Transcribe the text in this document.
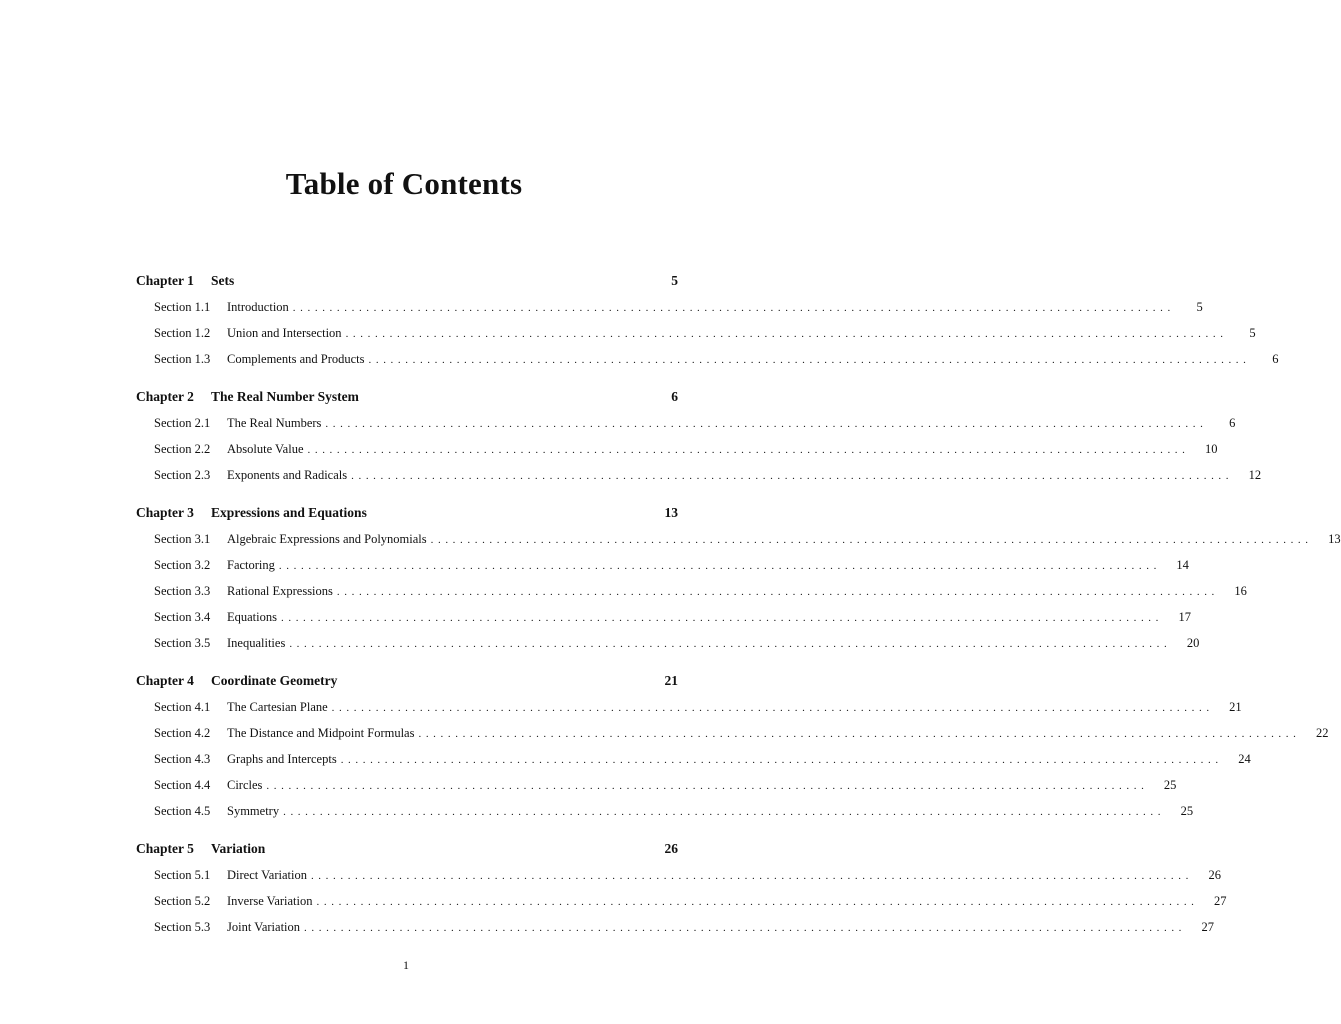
Table of Contents
Chapter 1	Sets	5
Section 1.1	Introduction ........................................................................................................................	5
Section 1.2	Union and Intersection ........................................................................................................................	5
Section 1.3	Complements and Products ........................................................................................................................	6
Chapter 2	The Real Number System	6
Section 2.1	The Real Numbers ........................................................................................................................	6
Section 2.2	Absolute Value ........................................................................................................................	10
Section 2.3	Exponents and Radicals ........................................................................................................................	12
Chapter 3	Expressions and Equations	13
Section 3.1	Algebraic Expressions and Polynomials ........................................................................................................................	13
Section 3.2	Factoring ........................................................................................................................	14
Section 3.3	Rational Expressions ........................................................................................................................	16
Section 3.4	Equations ........................................................................................................................	17
Section 3.5	Inequalities ........................................................................................................................	20
Chapter 4	Coordinate Geometry	21
Section 4.1	The Cartesian Plane ........................................................................................................................	21
Section 4.2	The Distance and Midpoint Formulas ........................................................................................................................	22
Section 4.3	Graphs and Intercepts ........................................................................................................................	24
Section 4.4	Circles ........................................................................................................................	25
Section 4.5	Symmetry ........................................................................................................................	25
Chapter 5	Variation	26
Section 5.1	Direct Variation ........................................................................................................................	26
Section 5.2	Inverse Variation ........................................................................................................................	27
Section 5.3	Joint Variation ........................................................................................................................	27
1
